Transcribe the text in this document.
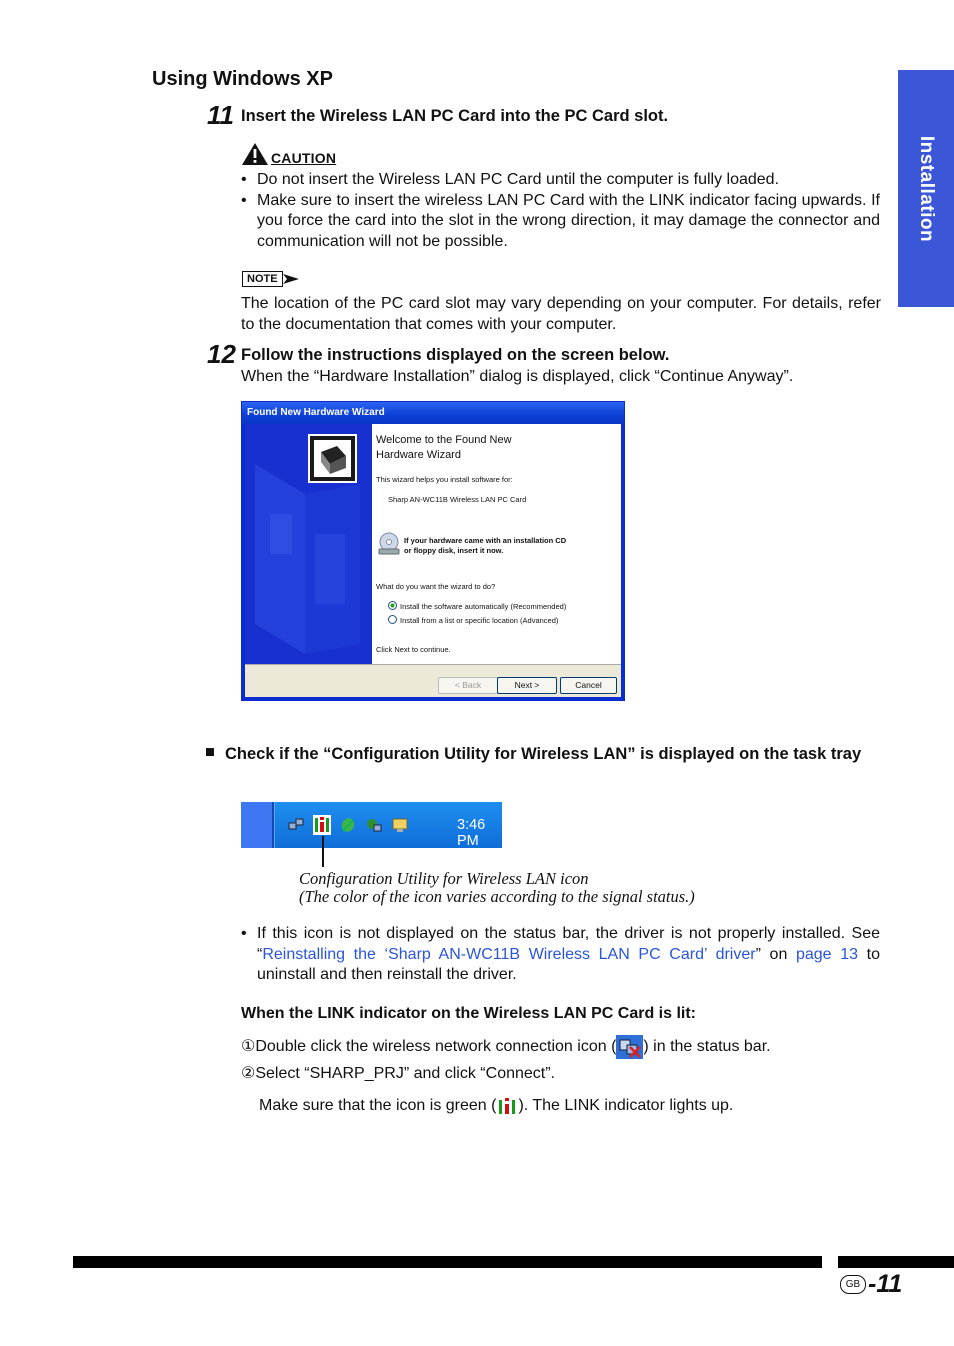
Installation
Using Windows XP
11 Insert the Wireless LAN PC Card into the PC Card slot.
CAUTION
• Do not insert the Wireless LAN PC Card until the computer is fully loaded.
• Make sure to insert the wireless LAN PC Card with the LINK indicator facing upwards. If you force the card into the slot in the wrong direction, it may damage the connector and communication will not be possible.
NOTE
The location of the PC card slot may vary depending on your computer. For details, refer to the documentation that comes with your computer.
12 Follow the instructions displayed on the screen below.
When the “Hardware Installation” dialog is displayed, click “Continue Anyway”.
Found New Hardware Wizard
Welcome to the Found New
Hardware Wizard
This wizard helps you install software for:
Sharp AN-WC11B Wireless LAN PC Card
If your hardware came with an installation CD
or floppy disk, insert it now.
What do you want the wizard to do?
Install the software automatically (Recommended)
Install from a list or specific location (Advanced)
Click Next to continue.
< Back	Next >	Cancel
■ Check if the “Configuration Utility for Wireless LAN” is displayed on the task tray
3:46 PM
Configuration Utility for Wireless LAN icon
(The color of the icon varies according to the signal status.)
• If this icon is not displayed on the status bar, the driver is not properly installed. See “Reinstalling the ‘Sharp AN-WC11B Wireless LAN PC Card’ driver” on page 13 to uninstall and then reinstall the driver.
When the LINK indicator on the Wireless LAN PC Card is lit:
①Double click the wireless network connection icon ( ) in the status bar.
②Select “SHARP_PRJ” and click “Connect”.
Make sure that the icon is green ( ). The LINK indicator lights up.
GB -11
